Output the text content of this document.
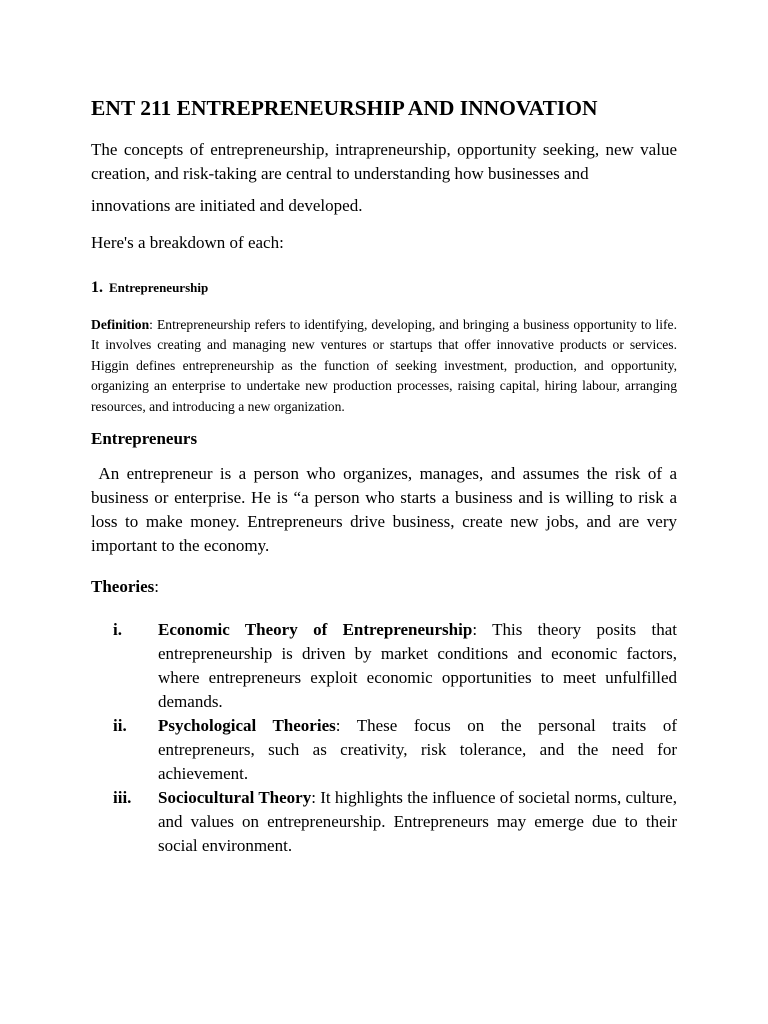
ENT 211 ENTREPRENEURSHIP AND INNOVATION

The concepts of entrepreneurship, intrapreneurship, opportunity seeking, new value creation, and risk-taking are central to understanding how businesses and

innovations are initiated and developed.

Here's a breakdown of each:

1. Entrepreneurship

Definition: Entrepreneurship refers to identifying, developing, and bringing a business opportunity to life. It involves creating and managing new ventures or startups that offer innovative products or services. Higgin defines entrepreneurship as the function of seeking investment, production, and opportunity, organizing an enterprise to undertake new production processes, raising capital, hiring labour, arranging resources, and introducing a new organization.

Entrepreneurs

An entrepreneur is a person who organizes, manages, and assumes the risk of a business or enterprise. He is “a person who starts a business and is willing to risk a loss to make money. Entrepreneurs drive business, create new jobs, and are very important to the economy.

Theories:

i. Economic Theory of Entrepreneurship: This theory posits that entrepreneurship is driven by market conditions and economic factors, where entrepreneurs exploit economic opportunities to meet unfulfilled demands.
ii. Psychological Theories: These focus on the personal traits of entrepreneurs, such as creativity, risk tolerance, and the need for achievement.
iii. Sociocultural Theory: It highlights the influence of societal norms, culture, and values on entrepreneurship. Entrepreneurs may emerge due to their social environment.
